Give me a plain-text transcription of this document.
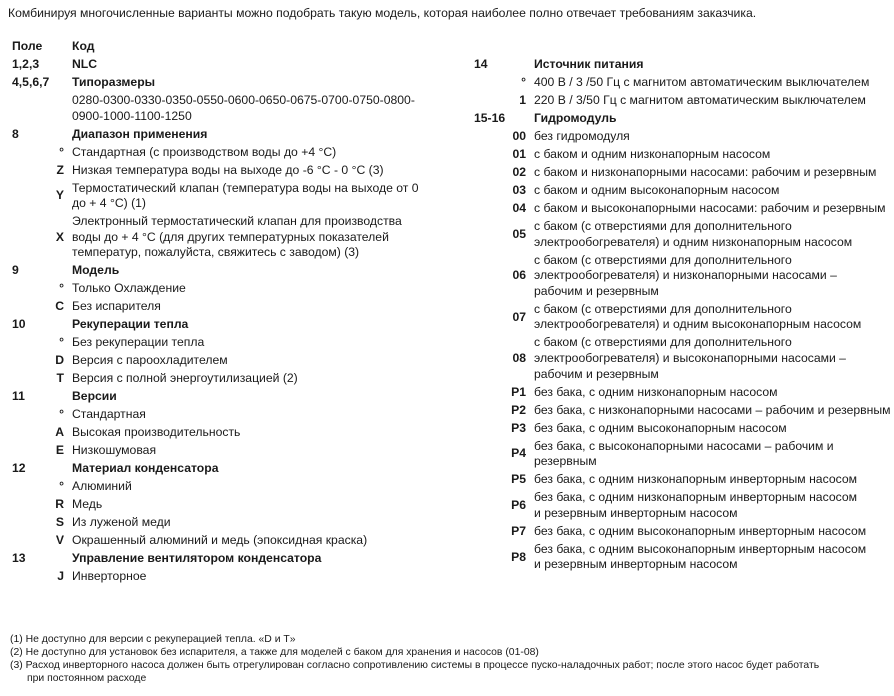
Комбинируя многочисленные варианты можно подобрать такую модель, которая наиболее полно отвечает требованиям заказчика.
Поле Код
1,2,3	NLC
4,5,6,7 Типоразмеры
0280-0300-0330-0350-0550-0600-0650-0675-0700-0750-0800-
0900-1000-1100-1250
8	Диапазон применения
° Стандартная (с производством воды до +4 °C)
Z Низкая температура воды на выходе до -6 °C - 0 °C (3)
Y
Термостатический клапан (температура воды на выходе от 0
до + 4 °C) (1)
X
Электронный термостатический клапан для производства
воды до + 4 °C (для других температурных показателей
температур, пожалуйста, свяжитесь с заводом) (3)
9	Модель
° Только Охлаждение
C Без испарителя
10	Рекуперации тепла
° Без рекуперации тепла
D Версия с пароохладителем
T Версия с полной энергоутилизацией (2)
11	Версии
° Стандартная
A Высокая производительность
E Низкошумовая
12	Материал конденсатора
° Алюминий
R Медь
S Из луженой меди
V Окрашенный алюминий и медь (эпоксидная краска)
13	Управление вентилятором конденсатора
J Инверторное
14	Источник питания
° 400 В / 3 /50 Гц с магнитом автоматическим выключателем
1 220 В / 3/50 Гц с магнитом автоматическим выключателем
15-16 Гидромодуль
00 без гидромодуля
01 с баком и одним низконапорным насосом
02 с баком и низконапорными насосами: рабочим и резервным
03 с баком и одним высоконапорным насосом
04 с баком и высоконапорными насосами: рабочим и резервным
05
с баком (с отверстиями для дополнительного
электрообогревателя) и одним низконапорным насосом
06
с баком (с отверстиями для дополнительного
электрообогревателя) и низконапорными насосами –
рабочим и резервным
07
с баком (с отверстиями для дополнительного
электрообогревателя) и одним высоконапорным насосом
08
с баком (с отверстиями для дополнительного
электрообогревателя) и высоконапорными насосами –
рабочим и резервным
P1 без бака, с одним низконапорным насосом
P2 без бака, с низконапорными насосами – рабочим и резервным
P3 без бака, с одним высоконапорным насосом
P4
без бака, с высоконапорными насосами – рабочим и
резервным
P5 без бака, с одним низконапорным инверторным насосом
P6
без бака, с одним низконапорным инверторным насосом
и резервным инверторным насосом
P7 без бака, с одним высоконапорным инверторным насосом
P8
без бака, с одним высоконапорным инверторным насосом
и резервным инверторным насосом
(1) Не доступно для версии с рекуперацией тепла. «D и T»
(2) Не доступно для установок без испарителя, а также для моделей с баком для хранения и насосов (01-08)
(3) Расход инверторного насоса должен быть отрегулирован согласно сопротивлению системы в процессе пуско-наладочных работ; после этого насос будет работать
при постоянном расходе
